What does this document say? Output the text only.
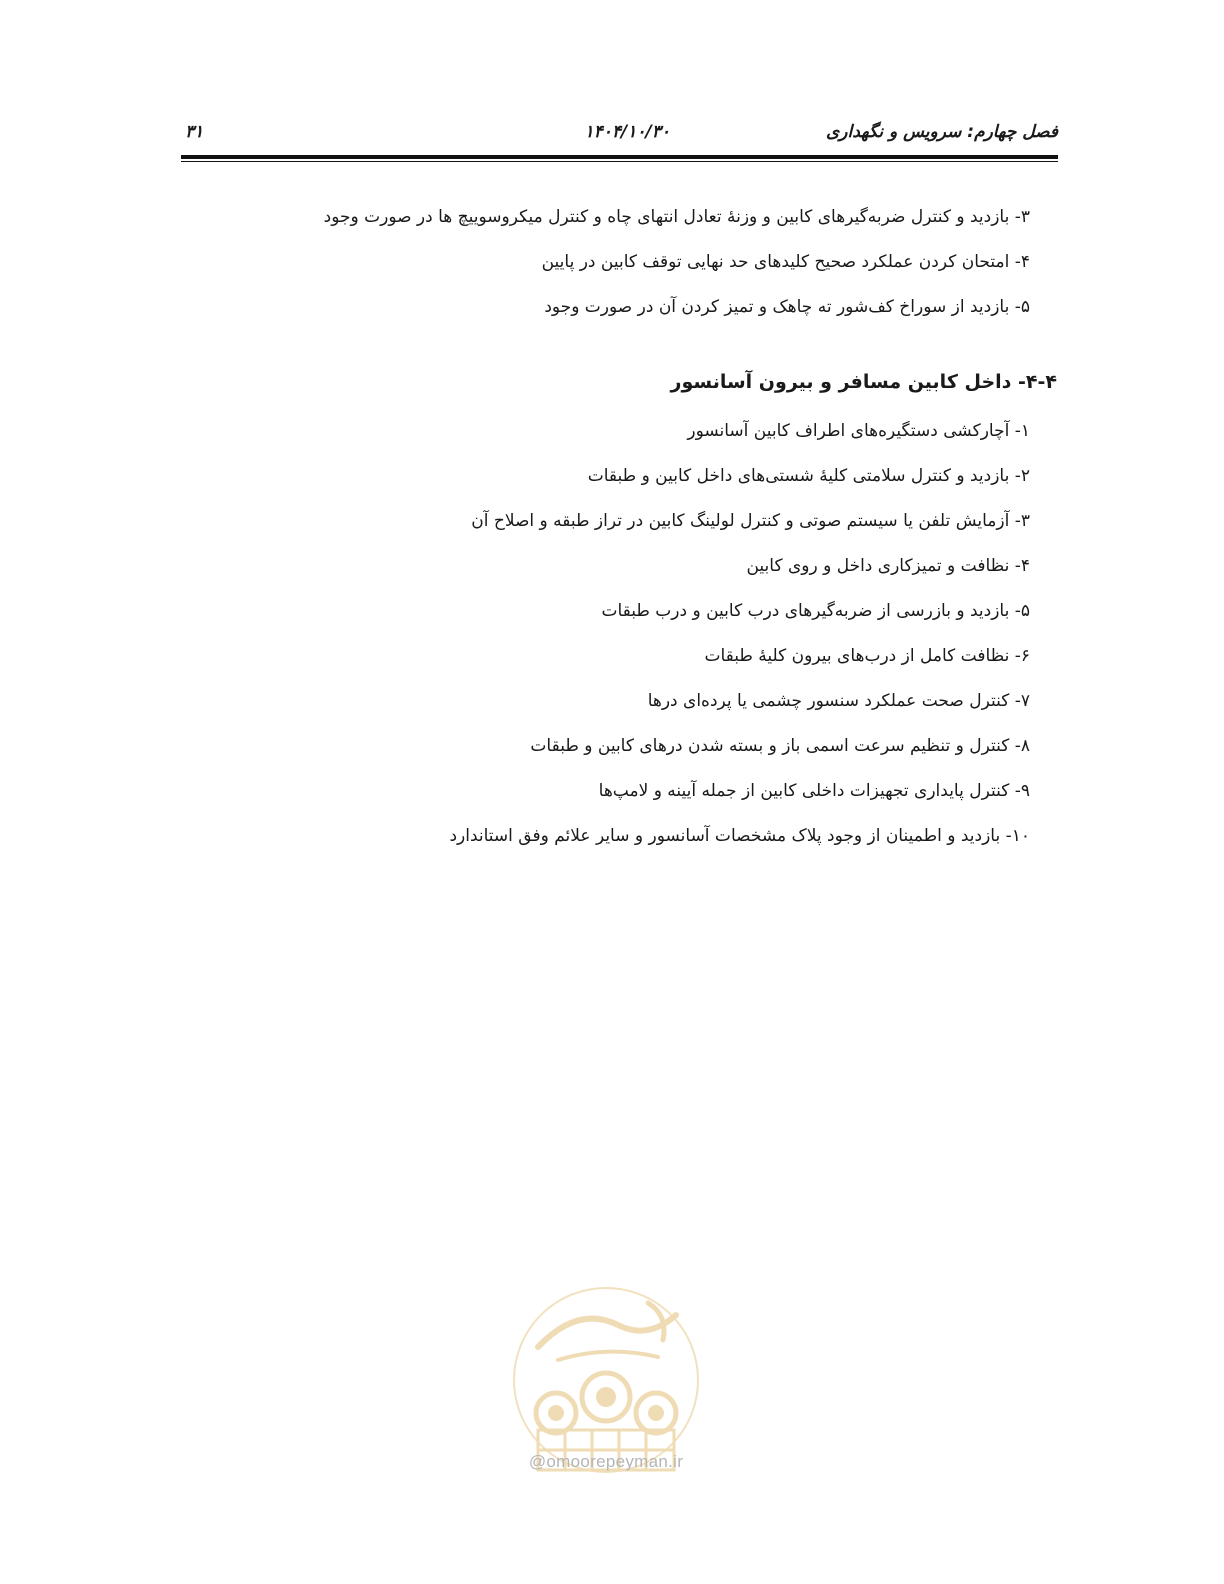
فصل چهارم: سرویس و نگهداری
۱۴۰۴/۱۰/۳۰
۳۱
۳- بازدید و کنترل ضربه‌گیرهای کابین و وزنهٔ تعادل انتهای چاه و کنترل میکروسوییچ ها در صورت وجود
۴- امتحان کردن عملکرد صحیح کلیدهای حد نهایی توقف کابین در پایین
۵- بازدید از سوراخ کف‌شور ته چاهک و تمیز کردن آن در صورت وجود
۴-۴- داخل کابین مسافر و بیرون آسانسور
۱- آچارکشی دستگیره‌های اطراف کابین آسانسور
۲- بازدید و کنترل سلامتی کلیهٔ شستی‌های داخل کابین و طبقات
۳- آزمایش تلفن یا سیستم صوتی و کنترل لولینگ کابین در تراز طبقه و اصلاح آن
۴- نظافت و تمیزکاری داخل و روی کابین
۵- بازدید و بازرسی از ضربه‌گیرهای درب کابین و درب طبقات
۶- نظافت کامل از درب‌های بیرون کلیهٔ طبقات
۷- کنترل صحت عملکرد سنسور چشمی یا پرده‌ای درها
۸- کنترل و تنظیم سرعت اسمی باز و بسته شدن درهای کابین و طبقات
۹- کنترل پایداری تجهیزات داخلی کابین از جمله آیینه و لامپ‌ها
۱۰- بازدید و اطمینان از وجود پلاک مشخصات آسانسور و سایر علائم وفق استاندارد
@omoorepeyman.ir
